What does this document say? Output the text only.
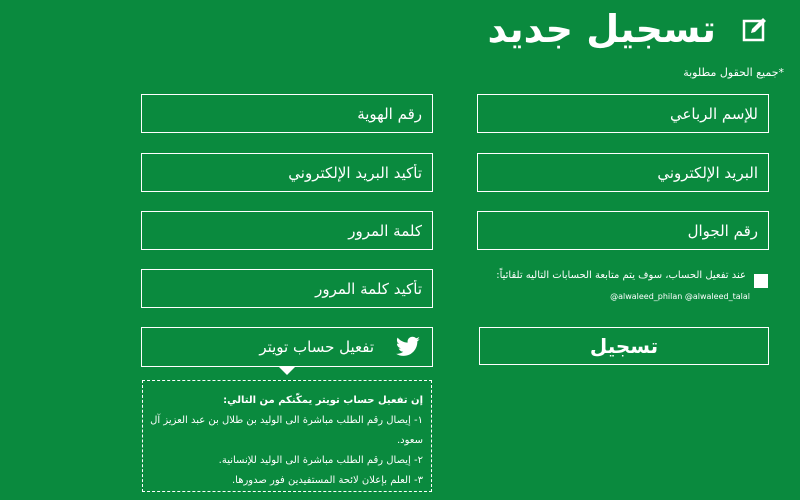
تسجيل جديد
*جميع الحقول مطلوبة
للإسم الرباعي
رقم الهوية
البريد الإلكتروني
تأكيد البريد الإلكتروني
رقم الجوال
عند تفعيل الحساب، سوف يتم متابعة الحسابات التاليه تلقائياً:
@alwaleed_philan @alwaleed_talal
تسجيل
تفعيل حساب تويتر
إن تفعيل حساب تويتر يمكّنكم من التالي:
١- إيصال رقم الطلب مباشرة الى الوليد بن طلال بن عبد العزيز آل سعود.
٢- إيصال رقم الطلب مباشرة الى الوليد للإنسانية.
٣- العلم بإعلان لائحة المستفيدين فور صدورها.
